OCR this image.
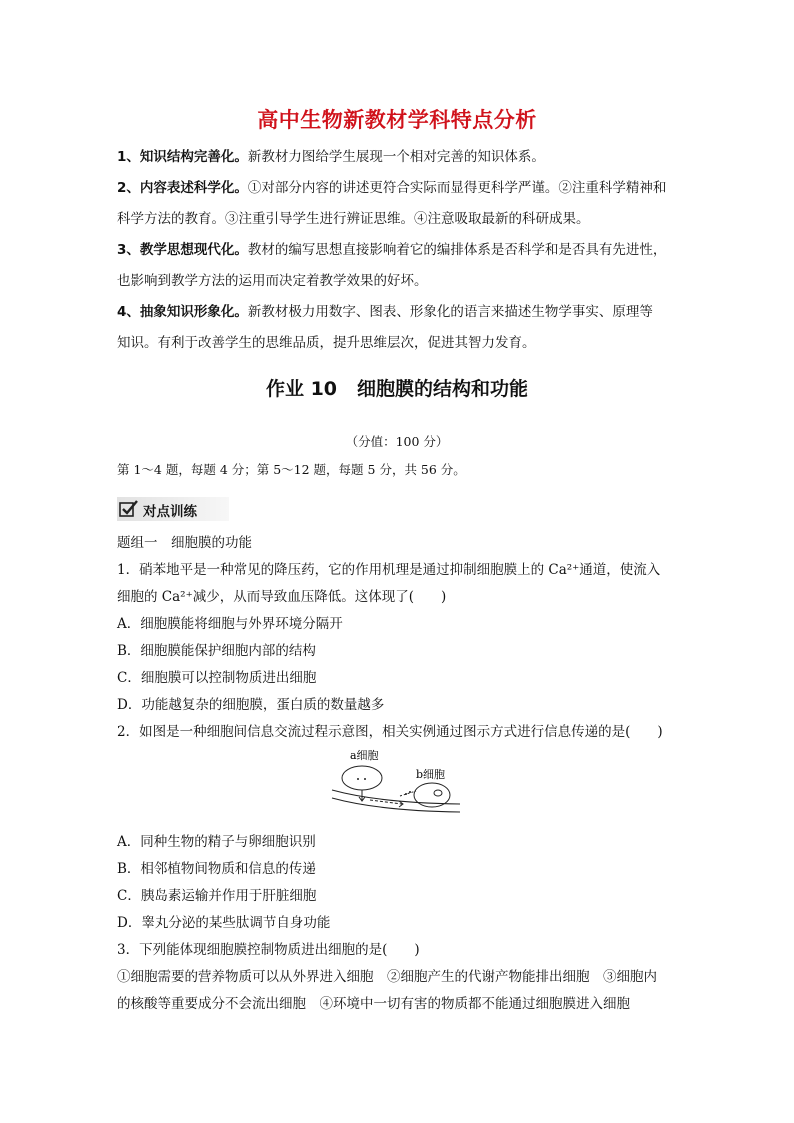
高中生物新教材学科特点分析

1、知识结构完善化。新教材力图给学生展现一个相对完善的知识体系。

2、内容表述科学化。①对部分内容的讲述更符合实际而显得更科学严谨。②注重科学精神和

科学方法的教育。③注重引导学生进行辨证思维。④注意吸取最新的科研成果。

3、教学思想现代化。教材的编写思想直接影响着它的编排体系是否科学和是否具有先进性，

也影响到教学方法的运用而决定着教学效果的好坏。

4、抽象知识形象化。新教材极力用数字、图表、形象化的语言来描述生物学事实、原理等

知识。有利于改善学生的思维品质，提升思维层次，促进其智力发育。

作业 10 细胞膜的结构和功能
（分值：100 分）
第 1～4 题，每题 4 分；第 5～12 题，每题 5 分，共 56 分。
对点训练

题组一　细胞膜的功能

1．硝苯地平是一种常见的降压药，它的作用机理是通过抑制细胞膜上的 Ca²⁺通道，使流入

细胞的 Ca²⁺减少，从而导致血压降低。这体现了(　　)

A．细胞膜能将细胞与外界环境分隔开

B．细胞膜能保护细胞内部的结构

C．细胞膜可以控制物质进出细胞

D．功能越复杂的细胞膜，蛋白质的数量越多

2．如图是一种细胞间信息交流过程示意图，相关实例通过图示方式进行信息传递的是(　　)

a细胞
b细胞

A．同种生物的精子与卵细胞识别

B．相邻植物间物质和信息的传递

C．胰岛素运输并作用于肝脏细胞

D．睾丸分泌的某些肽调节自身功能

3．下列能体现细胞膜控制物质进出细胞的是(　　)

①细胞需要的营养物质可以从外界进入细胞　②细胞产生的代谢产物能排出细胞　③细胞内

的核酸等重要成分不会流出细胞　④环境中一切有害的物质都不能通过细胞膜进入细胞
